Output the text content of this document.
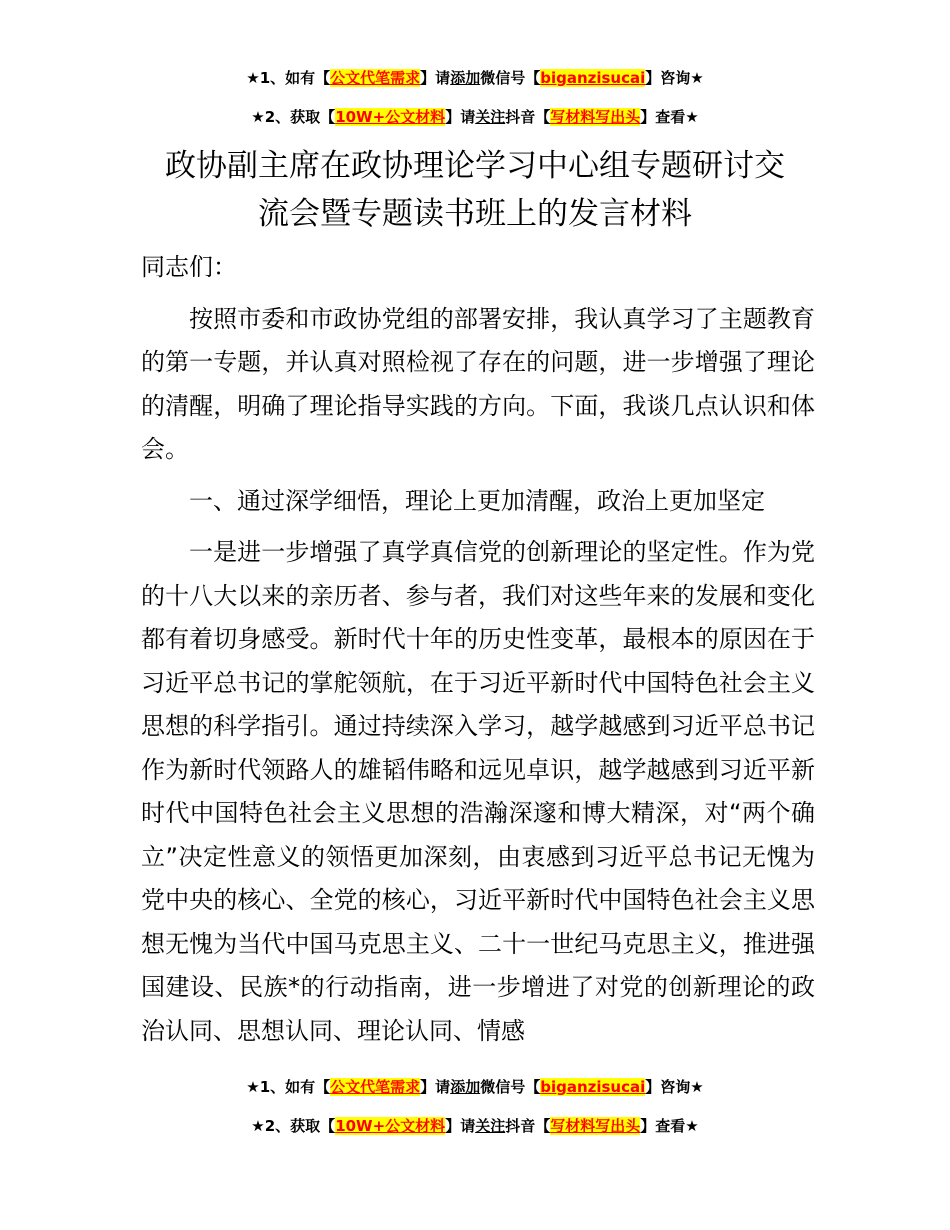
★1、如有【公文代笔需求】请添加微信号【biganzisucai】咨询★
★2、获取【10W+公文材料】请关注抖音【写材料写出头】查看★
政协副主席在政协理论学习中心组专题研讨交
流会暨专题读书班上的发言材料

同志们：

按照市委和市政协党组的部署安排，我认真学习了主题教育的第一专题，并认真对照检视了存在的问题，进一步增强了理论的清醒，明确了理论指导实践的方向。下面，我谈几点认识和体会。

一、通过深学细悟，理论上更加清醒，政治上更加坚定

一是进一步增强了真学真信党的创新理论的坚定性。作为党的十八大以来的亲历者、参与者，我们对这些年来的发展和变化都有着切身感受。新时代十年的历史性变革，最根本的原因在于习近平总书记的掌舵领航，在于习近平新时代中国特色社会主义思想的科学指引。通过持续深入学习，越学越感到习近平总书记作为新时代领路人的雄韬伟略和远见卓识，越学越感到习近平新时代中国特色社会主义思想的浩瀚深邃和博大精深，对“两个确立”决定性意义的领悟更加深刻，由衷感到习近平总书记无愧为党中央的核心、全党的核心，习近平新时代中国特色社会主义思想无愧为当代中国马克思主义、二十一世纪马克思主义，推进强国建设、民族*的行动指南，进一步增进了对党的创新理论的政治认同、思想认同、理论认同、情感

★1、如有【公文代笔需求】请添加微信号【biganzisucai】咨询★
★2、获取【10W+公文材料】请关注抖音【写材料写出头】查看★
